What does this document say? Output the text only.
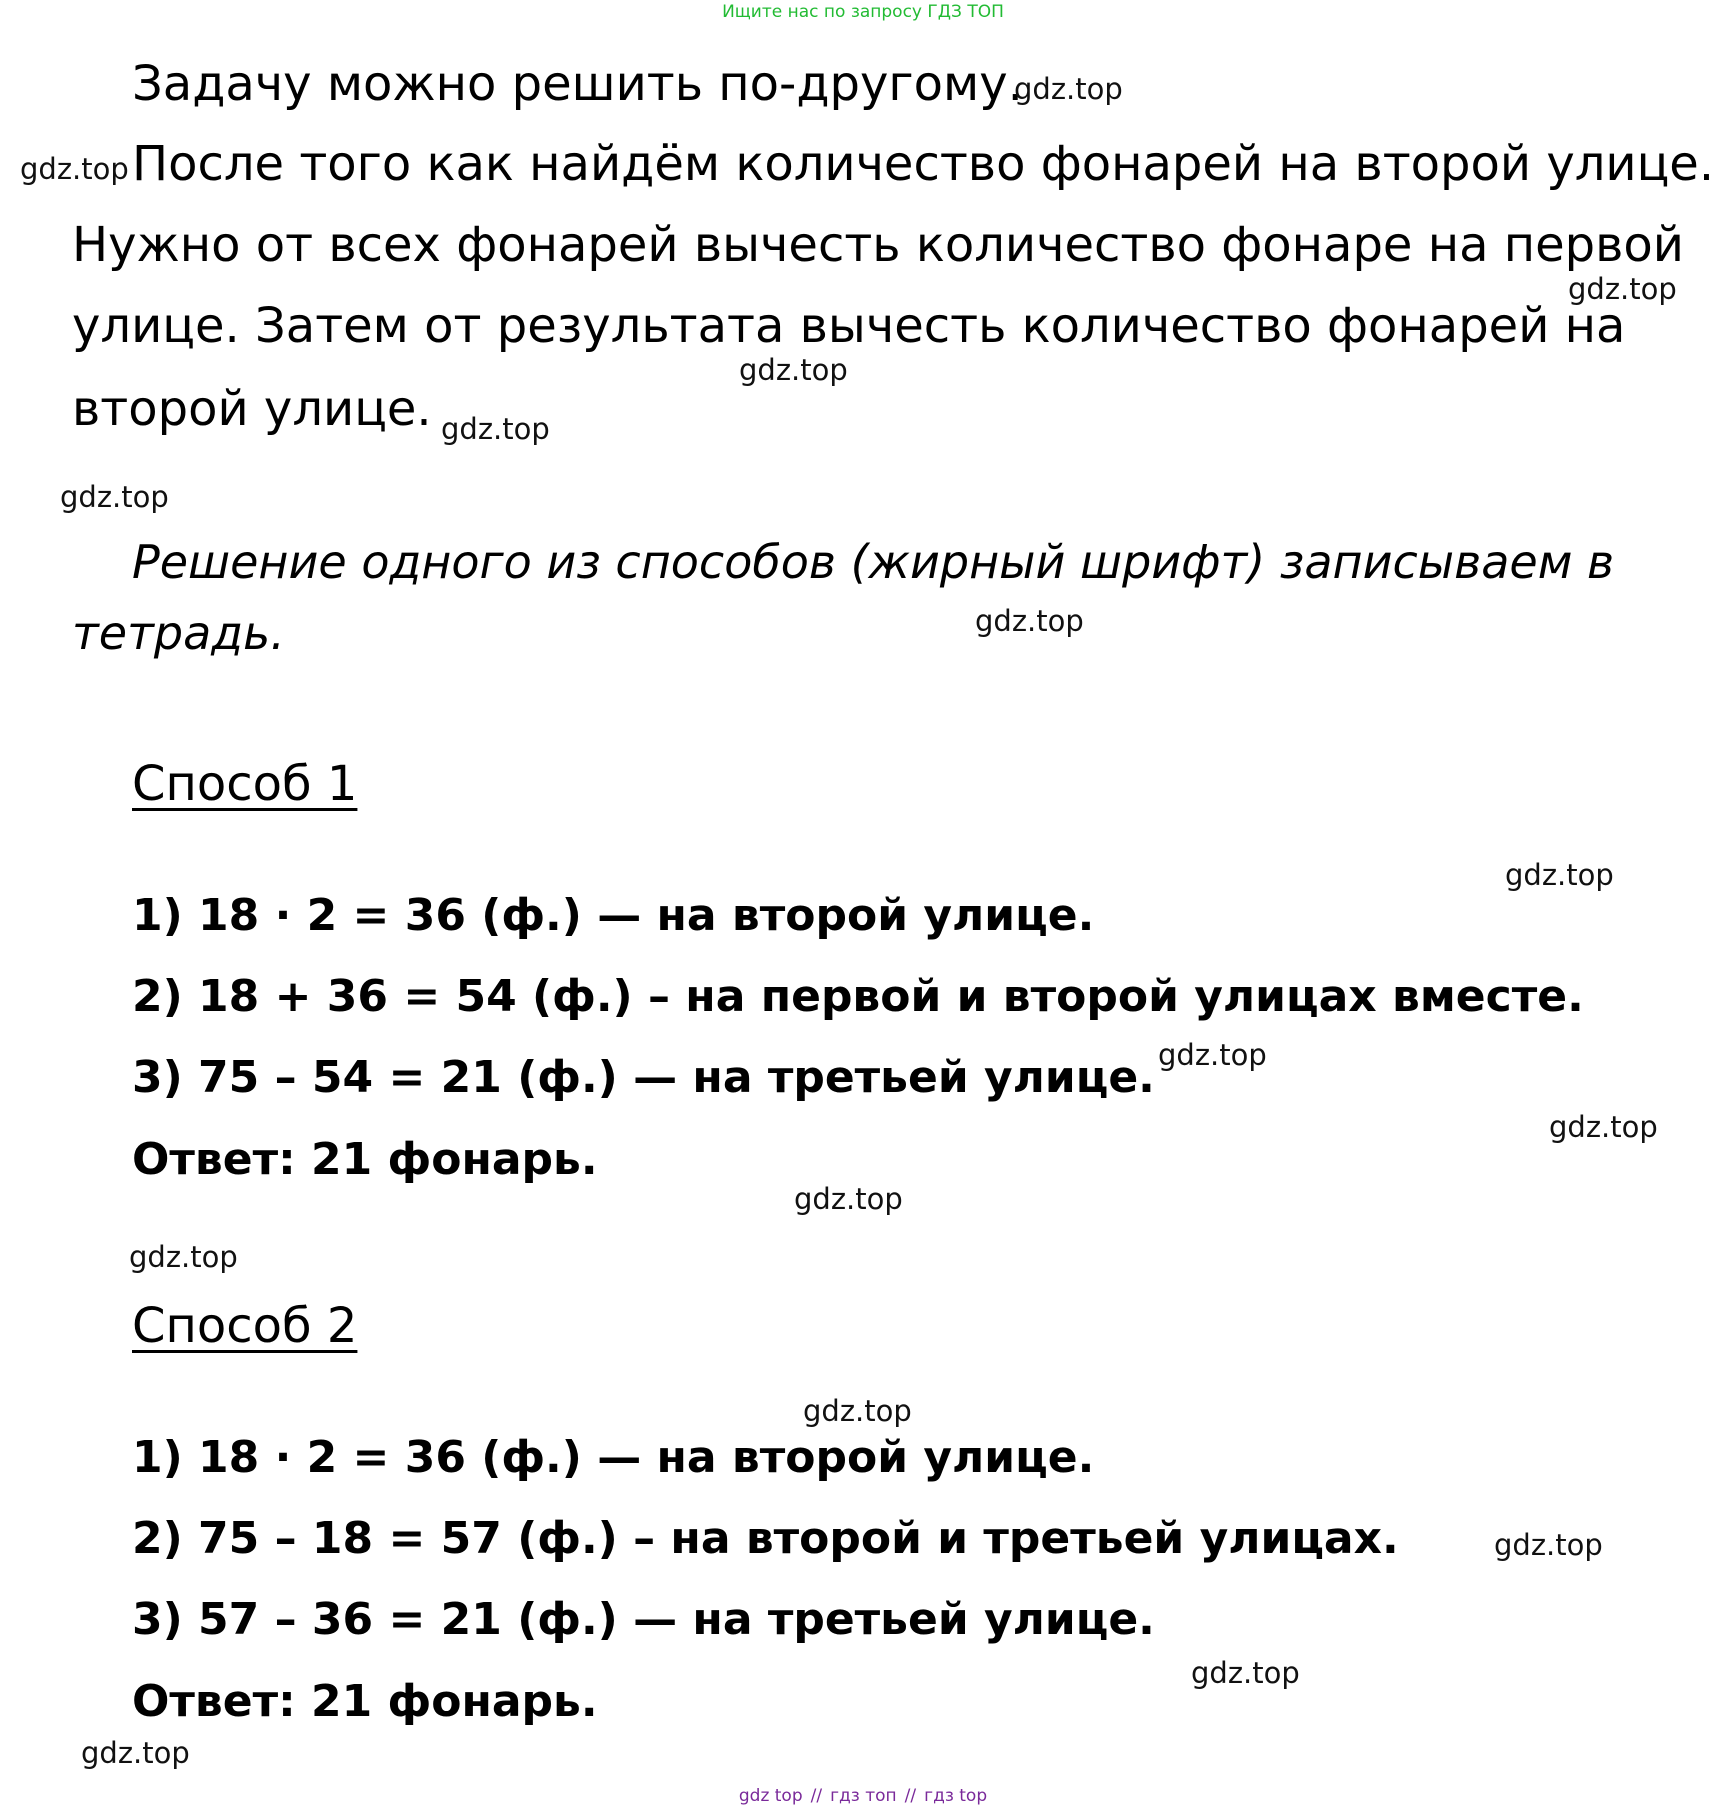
Ищите нас по запросу ГДЗ ТОП
Задачу можно решить по-другому.
После того как найдём количество фонарей на второй улице.
Нужно от всех фонарей вычесть количество фонаре на первой
улице. Затем от результата вычесть количество фонарей на
второй улице.
Решение одного из способов (жирный шрифт) записываем в
тетрадь.
Способ 1
1) 18 · 2 = 36 (ф.) — на второй улице.
2) 18 + 36 = 54 (ф.) – на первой и второй улицах вместе.
3) 75 – 54 = 21 (ф.) — на третьей улице.
Ответ: 21 фонарь.
Способ 2
1) 18 · 2 = 36 (ф.) — на второй улице.
2) 75 – 18 = 57 (ф.) – на второй и третьей улицах.
3) 57 – 36 = 21 (ф.) — на третьей улице.
Ответ: 21 фонарь.
gdz.top
gdz.top
gdz.top
gdz.top
gdz.top
gdz.top
gdz.top
gdz.top
gdz.top
gdz.top
gdz.top
gdz.top
gdz.top
gdz.top
gdz.top
gdz.top
gdz top // гдз топ // гдз top
